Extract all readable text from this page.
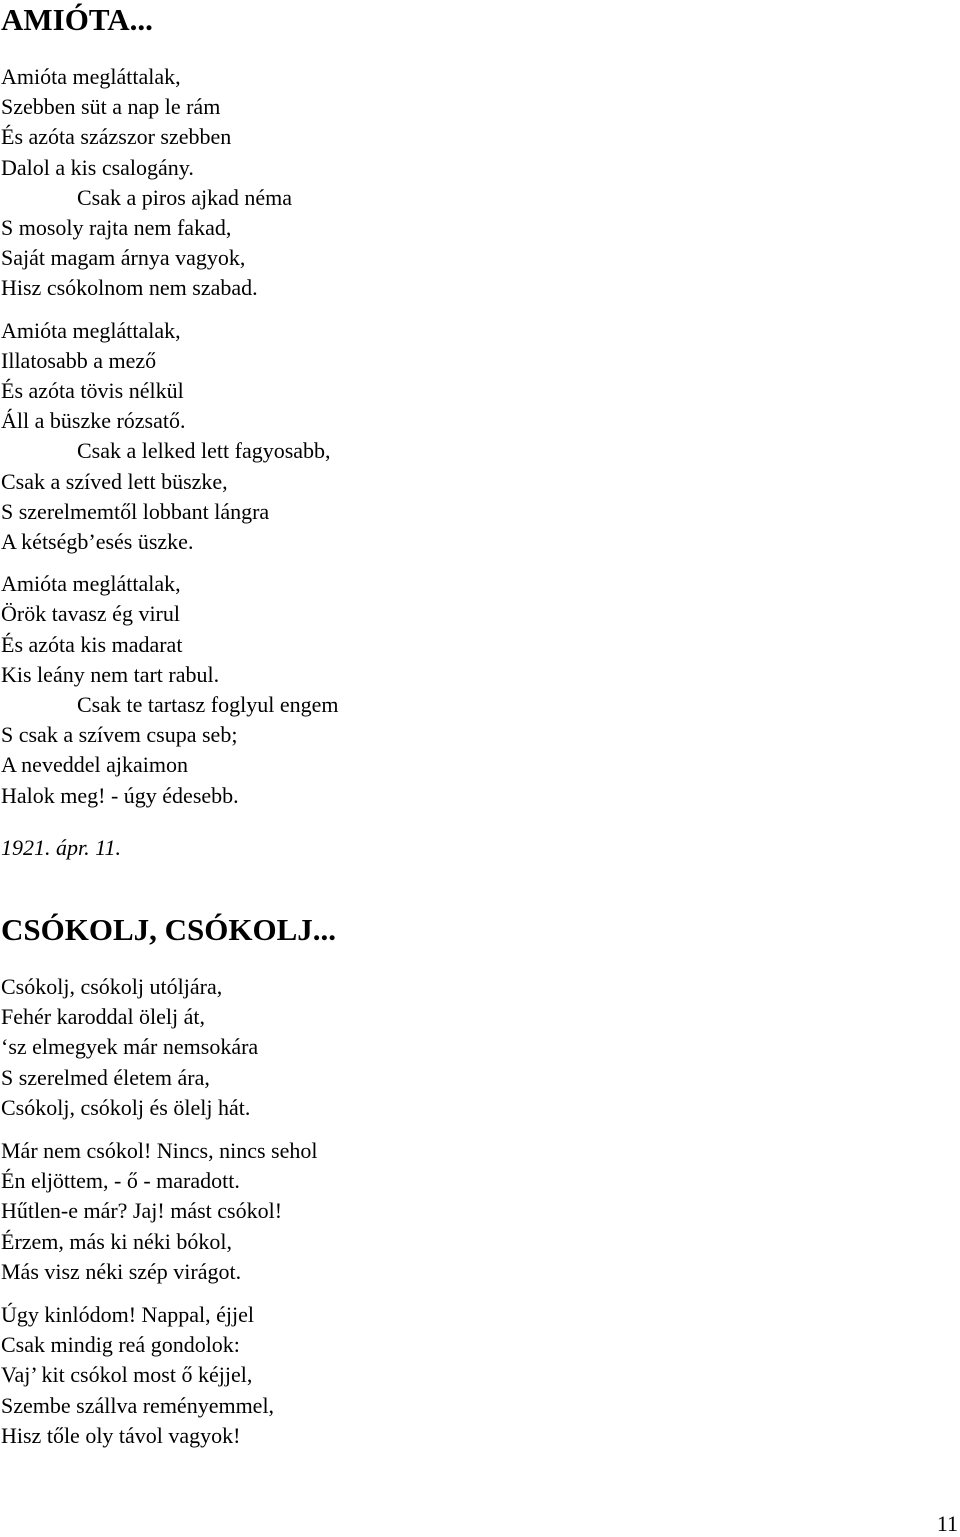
AMIÓTA...

Amióta megláttalak,

Szebben süt a nap le rám

És azóta százszor szebben

Dalol a kis csalogány.

Csak a piros ajkad néma

S mosoly rajta nem fakad,

Saját magam árnya vagyok,

Hisz csókolnom nem szabad.

Amióta megláttalak,

Illatosabb a mező

És azóta tövis nélkül

Áll a büszke rózsatő.

Csak a lelked lett fagyosabb,

Csak a szíved lett büszke,

S szerelmemtől lobbant lángra

A kétségb’esés üszke.

Amióta megláttalak,

Örök tavasz ég virul

És azóta kis madarat

Kis leány nem tart rabul.

Csak te tartasz foglyul engem

S csak a szívem csupa seb;

A neveddel ajkaimon

Halok meg! - úgy édesebb.

1921. ápr. 11.

CSÓKOLJ, CSÓKOLJ...

Csókolj, csókolj utóljára,

Fehér karoddal ölelj át,

‘sz elmegyek már nemsokára

S szerelmed életem ára,

Csókolj, csókolj és ölelj hát.

Már nem csókol! Nincs, nincs sehol

Én eljöttem, - ő - maradott.

Hűtlen-e már? Jaj! mást csókol!

Érzem, más ki néki bókol,

Más visz néki szép virágot.

Úgy kinlódom! Nappal, éjjel

Csak mindig reá gondolok:

Vaj’ kit csókol most ő kéjjel,

Szembe szállva reményemmel,

Hisz tőle oly távol vagyok!

11
